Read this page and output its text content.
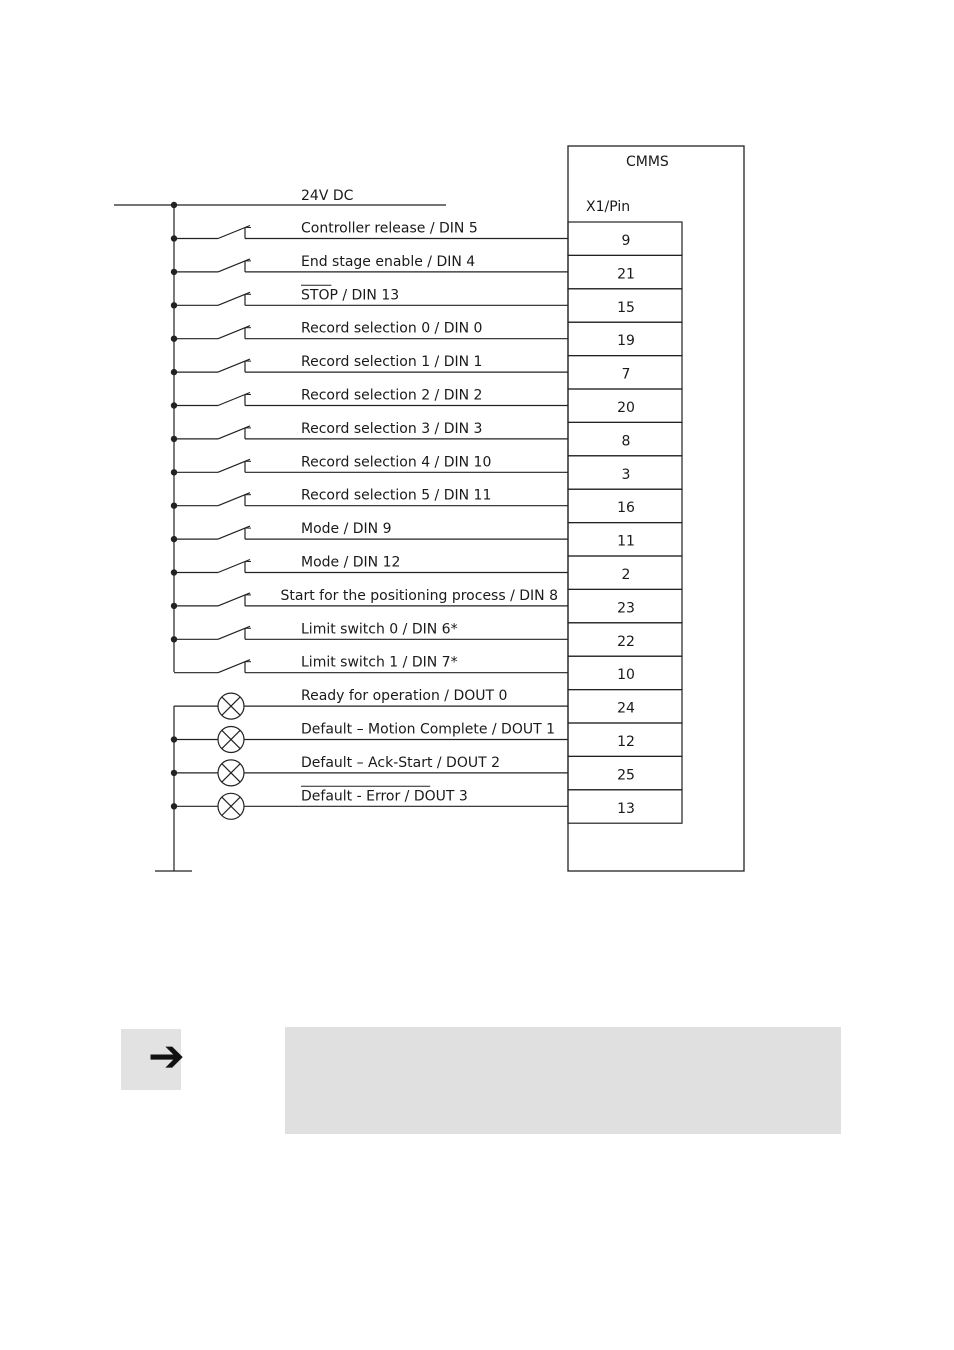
CMMS
X1/Pin
24V DC
Controller release / DIN 5
9
End stage enable / DIN 4
21
STOP / DIN 13
15
Record selection 0 / DIN 0
19
Record selection 1 / DIN 1
7
Record selection 2 / DIN 2
20
Record selection 3 / DIN 3
8
Record selection 4 / DIN 10
3
Record selection 5 / DIN 11
16
Mode / DIN 9
11
Mode / DIN 12
2
Start for the positioning process / DIN 8
23
Limit switch 0 / DIN 6*
22
Limit switch 1 / DIN 7*
10
Ready for operation / DOUT 0
24
Default – Motion Complete / DOUT 1
12
Default – Ack-Start / DOUT 2
25
Default - Error / DOUT 3
13
➔
